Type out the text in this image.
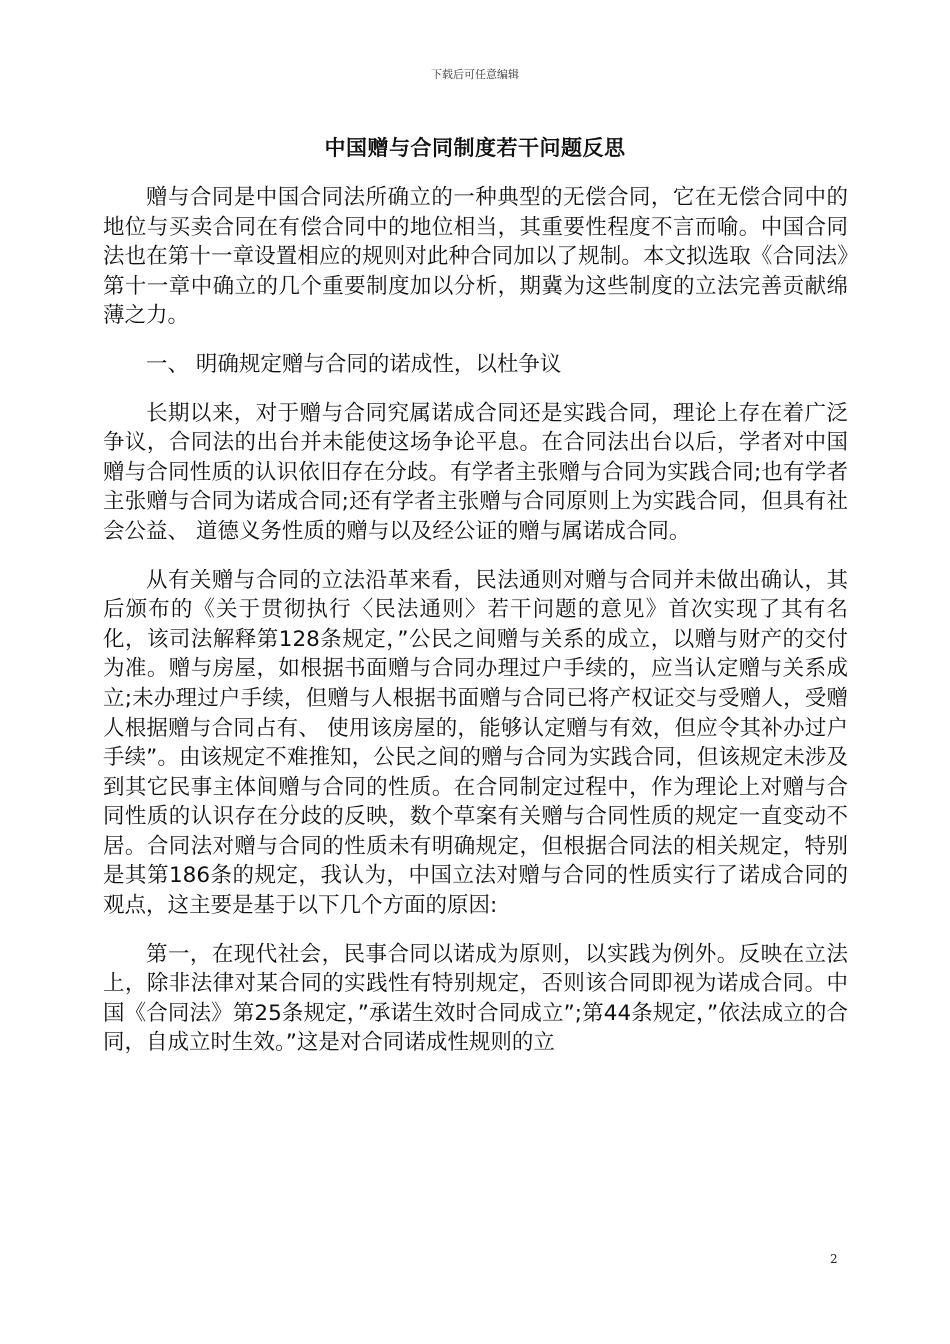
下载后可任意编辑
中国赠与合同制度若干问题反思

赠与合同是中国合同法所确立的一种典型的无偿合同，它在无偿合同中的地位与买卖合同在有偿合同中的地位相当，其重要性程度不言而喻。中国合同法也在第十一章设置相应的规则对此种合同加以了规制。本文拟选取《合同法》第十一章中确立的几个重要制度加以分析，期冀为这些制度的立法完善贡献绵薄之力。

一、 明确规定赠与合同的诺成性，以杜争议

长期以来，对于赠与合同究属诺成合同还是实践合同，理论上存在着广泛争议，合同法的出台并未能使这场争论平息。在合同法出台以后，学者对中国赠与合同性质的认识依旧存在分歧。有学者主张赠与合同为实践合同;也有学者主张赠与合同为诺成合同;还有学者主张赠与合同原则上为实践合同，但具有社会公益、 道德义务性质的赠与以及经公证的赠与属诺成合同。

从有关赠与合同的立法沿革来看，民法通则对赠与合同并未做出确认，其后颁布的《关于贯彻执行〈民法通则〉若干问题的意见》首次实现了其有名化，该司法解释第128条规定，”公民之间赠与关系的成立，以赠与财产的交付为准。赠与房屋，如根据书面赠与合同办理过户手续的，应当认定赠与关系成立;未办理过户手续，但赠与人根据书面赠与合同已将产权证交与受赠人，受赠人根据赠与合同占有、 使用该房屋的，能够认定赠与有效，但应令其补办过户手续”。由该规定不难推知，公民之间的赠与合同为实践合同，但该规定未涉及到其它民事主体间赠与合同的性质。在合同制定过程中，作为理论上对赠与合同性质的认识存在分歧的反映，数个草案有关赠与合同性质的规定一直变动不居。合同法对赠与合同的性质未有明确规定，但根据合同法的相关规定，特别是其第186条的规定，我认为，中国立法对赠与合同的性质实行了诺成合同的观点，这主要是基于以下几个方面的原因:

第一，在现代社会，民事合同以诺成为原则，以实践为例外。反映在立法上，除非法律对某合同的实践性有特别规定，否则该合同即视为诺成合同。中国《合同法》第25条规定，”承诺生效时合同成立”;第44条规定，”依法成立的合同，自成立时生效。”这是对合同诺成性规则的立

2
